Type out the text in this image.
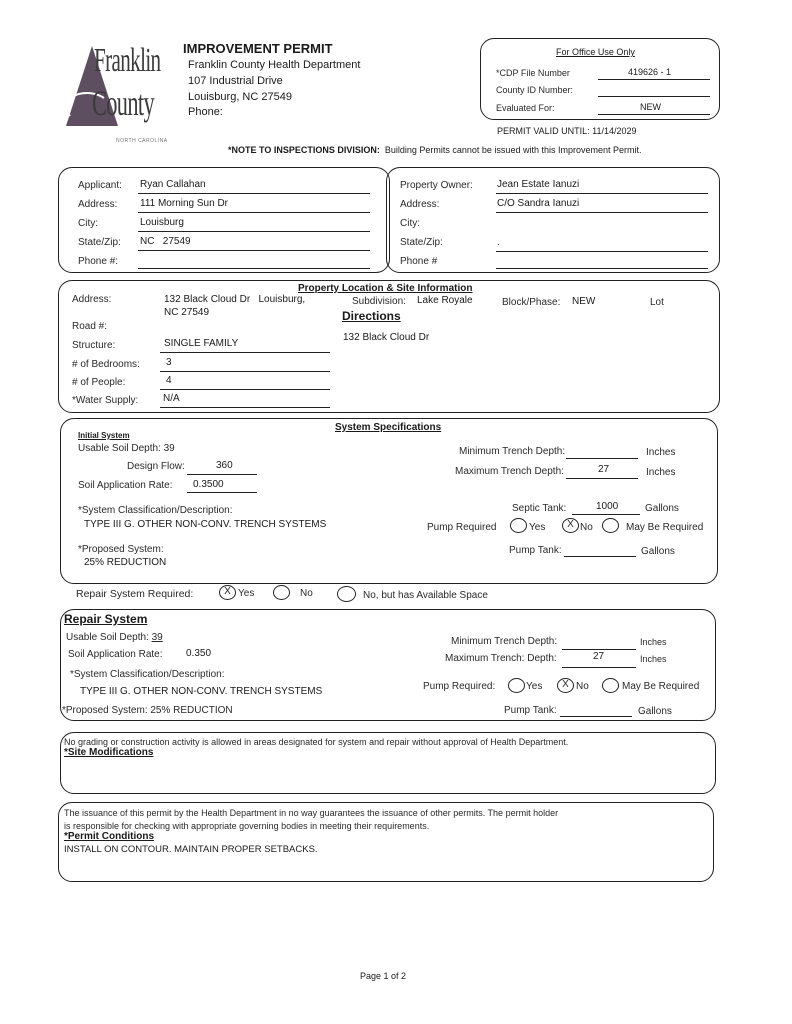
Franklin
County
NORTH CAROLINA
IMPROVEMENT PERMIT
Franklin County Health Department
107 Industrial Drive
Louisburg, NC 27549
Phone:
*NOTE TO INSPECTIONS DIVISION: Building Permits cannot be issued with this Improvement Permit.
For Office Use Only
*CDP File Number	419626 - 1
County ID Number:
Evaluated For:	NEW
PERMIT VALID UNTIL: 11/14/2029
Applicant: Ryan Callahan
Address: 111 Morning Sun Dr
City:	Louisburg
State/Zip: NC   27549
Phone #:
Property Owner: Jean Estate Ianuzi
Address:	C/O Sandra Ianuzi
City:
State/Zip:	.
Phone #
Property Location & Site Information
Address:	132 Black Cloud Dr   Louisburg,
NC 27549
Subdivision: Lake Royale	Block/Phase: NEW	Lot
Directions
132 Black Cloud Dr
Road #:
Structure:	SINGLE FAMILY
# of Bedrooms:	3
# of People:	4
*Water Supply: N/A
System Specifications
Initial System
Usable Soil Depth: 39
Design Flow:	360
Soil Application Rate: 0.3500
*System Classification/Description:
TYPE III G. OTHER NON-CONV. TRENCH SYSTEMS
*Proposed System:
25% REDUCTION
Minimum Trench Depth:	Inches
Maximum Trench Depth:	27	Inches
Septic Tank:	1000	Gallons
Pump Required	Yes	X No	May Be Required
Pump Tank:	Gallons
Repair System Required:	X Yes	No	No, but has Available Space
Repair System
Usable Soil Depth: 39
Soil Application Rate: 0.350
*System Classification/Description:
TYPE III G. OTHER NON-CONV. TRENCH SYSTEMS
*Proposed System: 25% REDUCTION
Minimum Trench Depth:	Inches
Maximum Trench: Depth:	27	Inches
Pump Required:	Yes	X No	May Be Required
Pump Tank:	Gallons
No grading or construction activity is allowed in areas designated for system and repair without approval of Health Department.
*Site Modifications
The issuance of this permit by the Health Department in no way guarantees the issuance of other permits. The permit holder
is responsible for checking with appropriate governing bodies in meeting their requirements.
*Permit Conditions
INSTALL ON CONTOUR. MAINTAIN PROPER SETBACKS.
Page 1 of 2
